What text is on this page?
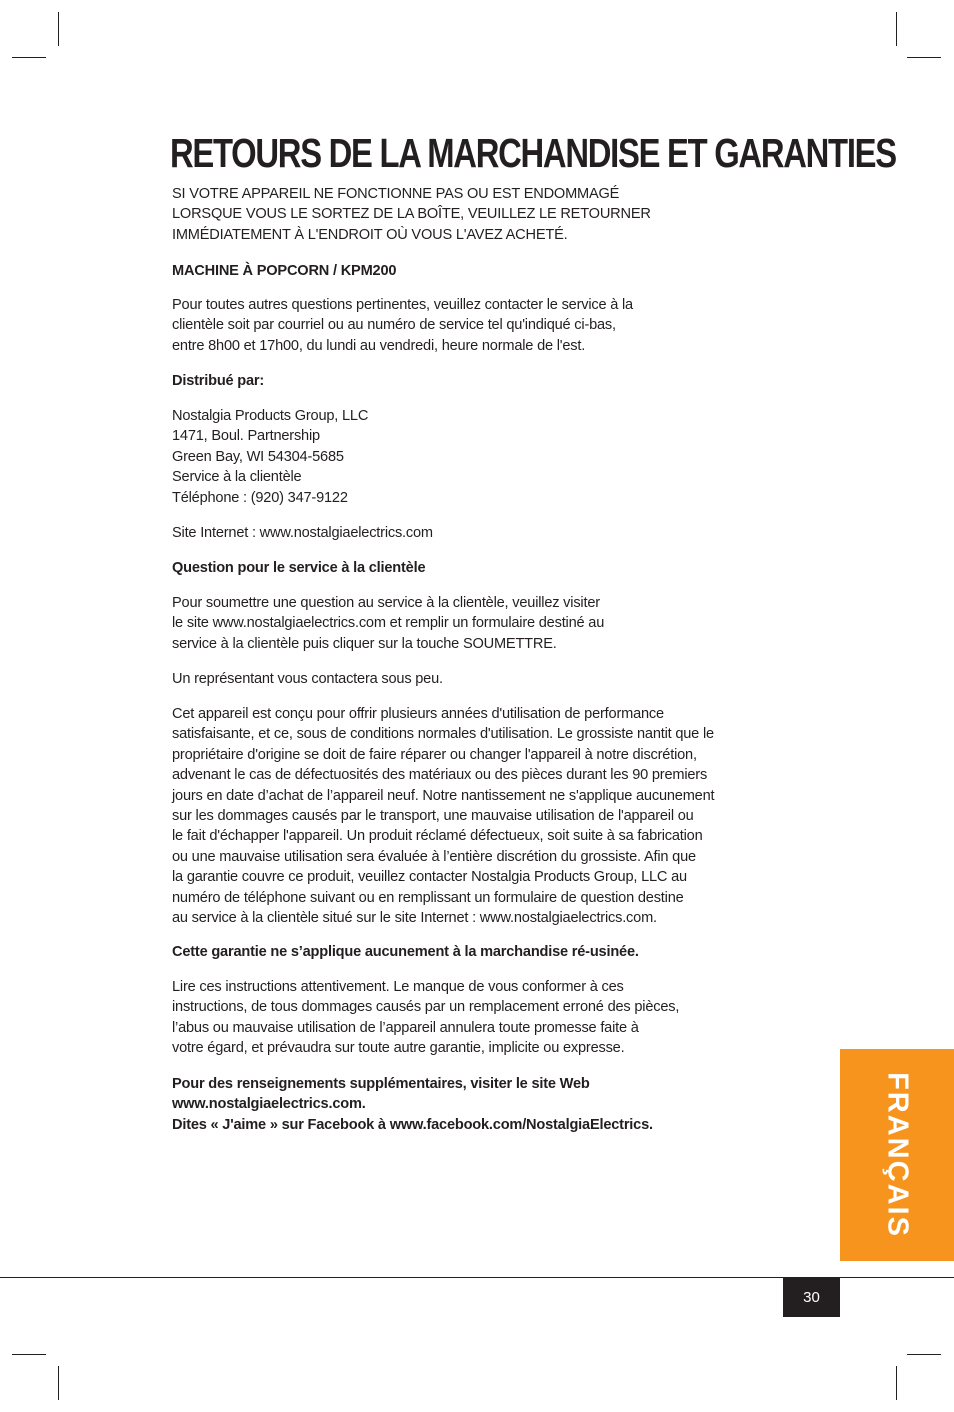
RETOURS DE LA MARCHANDISE ET GARANTIES

SI VOTRE APPAREIL NE FONCTIONNE PAS OU EST ENDOMMAGÉ
LORSQUE VOUS LE SORTEZ DE LA BOÎTE, VEUILLEZ LE RETOURNER
IMMÉDIATEMENT À L'ENDROIT OÙ VOUS L'AVEZ ACHETÉ.

MACHINE À POPCORN / KPM200

Pour toutes autres questions pertinentes, veuillez contacter le service à la
clientèle soit par courriel ou au numéro de service tel qu'indiqué ci-bas,
entre 8h00 et 17h00, du lundi au vendredi, heure normale de l'est.

Distribué par:

Nostalgia Products Group, LLC
1471, Boul. Partnership
Green Bay, WI 54304-5685
Service à la clientèle
Téléphone : (920) 347-9122

Site Internet : www.nostalgiaelectrics.com

Question pour le service à la clientèle

Pour soumettre une question au service à la clientèle, veuillez visiter
le site www.nostalgiaelectrics.com et remplir un formulaire destiné au
service à la clientèle puis cliquer sur la touche SOUMETTRE.

Un représentant vous contactera sous peu.

Cet appareil est conçu pour offrir plusieurs années d'utilisation de performance
satisfaisante, et ce, sous de conditions normales d'utilisation. Le grossiste nantit que le
propriétaire d'origine se doit de faire réparer ou changer l'appareil à notre discrétion,
advenant le cas de défectuosités des matériaux ou des pièces durant les 90 premiers
jours en date d’achat de l’appareil neuf. Notre nantissement ne s'applique aucunement
sur les dommages causés par le transport, une mauvaise utilisation de l'appareil ou
le fait d'échapper l'appareil. Un produit réclamé défectueux, soit suite à sa fabrication
ou une mauvaise utilisation sera évaluée à l’entière discrétion du grossiste. Afin que
la garantie couvre ce produit, veuillez contacter Nostalgia Products Group, LLC au
numéro de téléphone suivant ou en remplissant un formulaire de question destine
au service à la clientèle situé sur le site Internet : www.nostalgiaelectrics.com.

Cette garantie ne s’applique aucunement à la marchandise ré-usinée.

Lire ces instructions attentivement. Le manque de vous conformer à ces
instructions, de tous dommages causés par un remplacement erroné des pièces,
l’abus ou mauvaise utilisation de l’appareil annulera toute promesse faite à
votre égard, et prévaudra sur toute autre garantie, implicite ou expresse.

Pour des renseignements supplémentaires, visiter le site Web
www.nostalgiaelectrics.com.
Dites « J'aime » sur Facebook à www.facebook.com/NostalgiaElectrics.	FRANÇAIS
30
